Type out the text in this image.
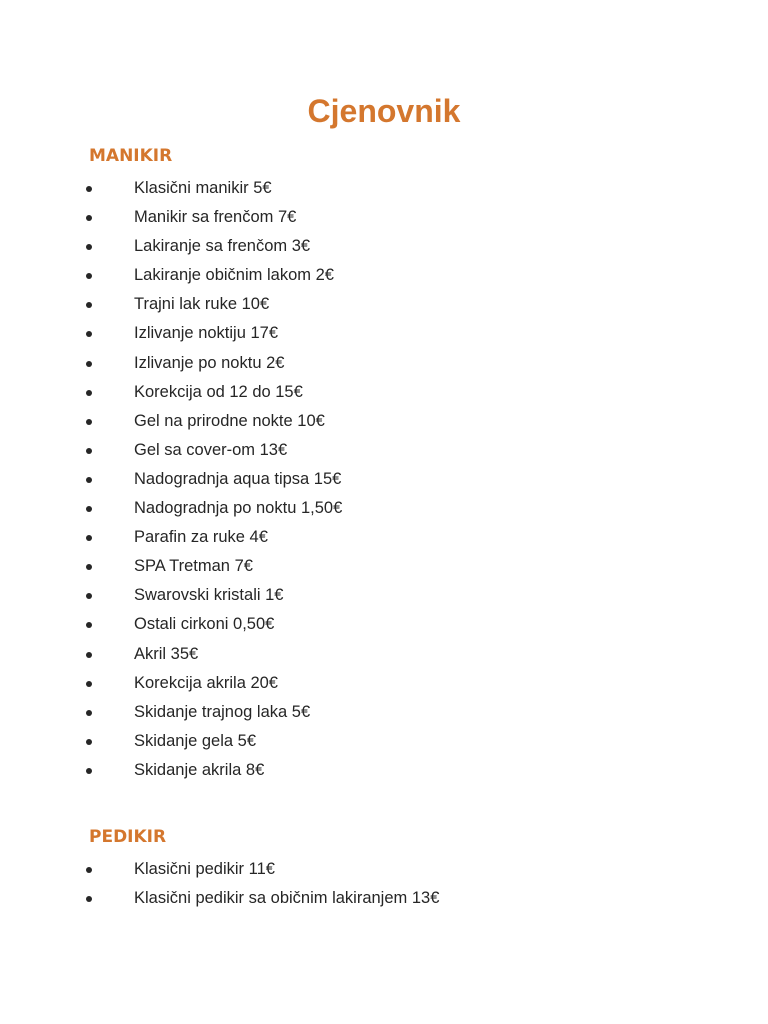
Cjenovnik
MANIKIR
Klasični manikir 5€
Manikir sa frenčom 7€
Lakiranje sa frenčom 3€
Lakiranje običnim lakom 2€
Trajni lak ruke 10€
Izlivanje noktiju 17€
Izlivanje po noktu 2€
Korekcija od 12 do 15€
Gel na prirodne nokte 10€
Gel sa cover-om 13€
Nadogradnja aqua tipsa 15€
Nadogradnja po noktu 1,50€
Parafin za ruke 4€
SPA Tretman 7€
Swarovski kristali 1€
Ostali cirkoni 0,50€
Akril 35€
Korekcija akrila 20€
Skidanje trajnog laka 5€
Skidanje gela 5€
Skidanje akrila 8€
PEDIKIR
Klasični pedikir 11€
Klasični pedikir sa običnim lakiranjem 13€
